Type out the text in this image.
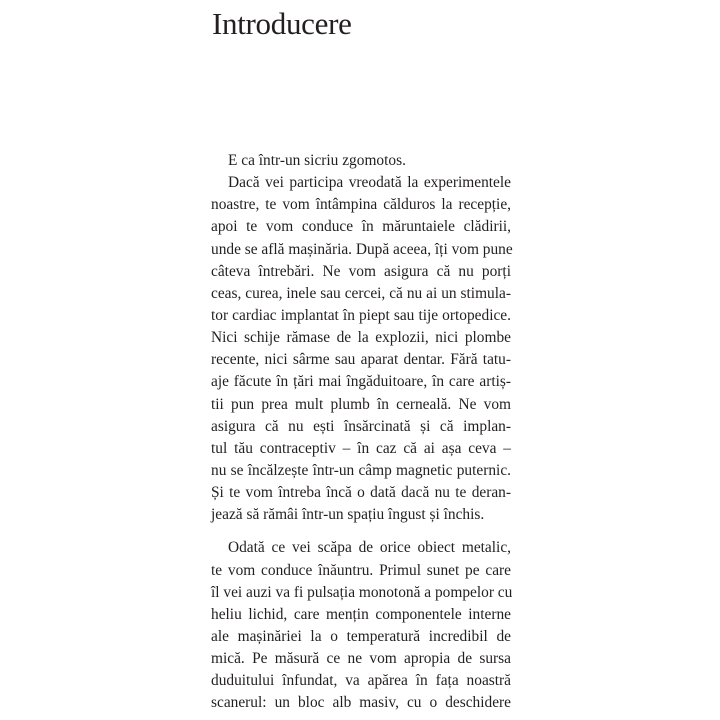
Introducere
E ca într-un sicriu zgomotos.
Dacă vei participa vreodată la experimentele
noastre, te vom întâmpina călduros la recepție,
apoi te vom conduce în măruntaiele clădirii,
unde se află mașinăria. După aceea, îți vom pune
câteva întrebări. Ne vom asigura că nu porți
ceas, curea, inele sau cercei, că nu ai un stimula-
tor cardiac implantat în piept sau tije ortopedice.
Nici schije rămase de la explozii, nici plombe
recente, nici sârme sau aparat dentar. Fără tatu-
aje făcute în țări mai îngăduitoare, în care artiș-
tii pun prea mult plumb în cerneală. Ne vom
asigura că nu ești însărcinată și că implan-
tul tău contraceptiv – în caz că ai așa ceva –
nu se încălzește într-un câmp magnetic puternic.
Și te vom întreba încă o dată dacă nu te deran-
jează să rămâi într-un spațiu îngust și închis.
Odată ce vei scăpa de orice obiect metalic,
te vom conduce înăuntru. Primul sunet pe care
îl vei auzi va fi pulsația monotonă a pompelor cu
heliu lichid, care mențin componentele interne
ale mașinăriei la o temperatură incredibil de
mică. Pe măsură ce ne vom apropia de sursa
duduitului înfundat, va apărea în fața noastră
scanerul: un bloc alb masiv, cu o deschidere
